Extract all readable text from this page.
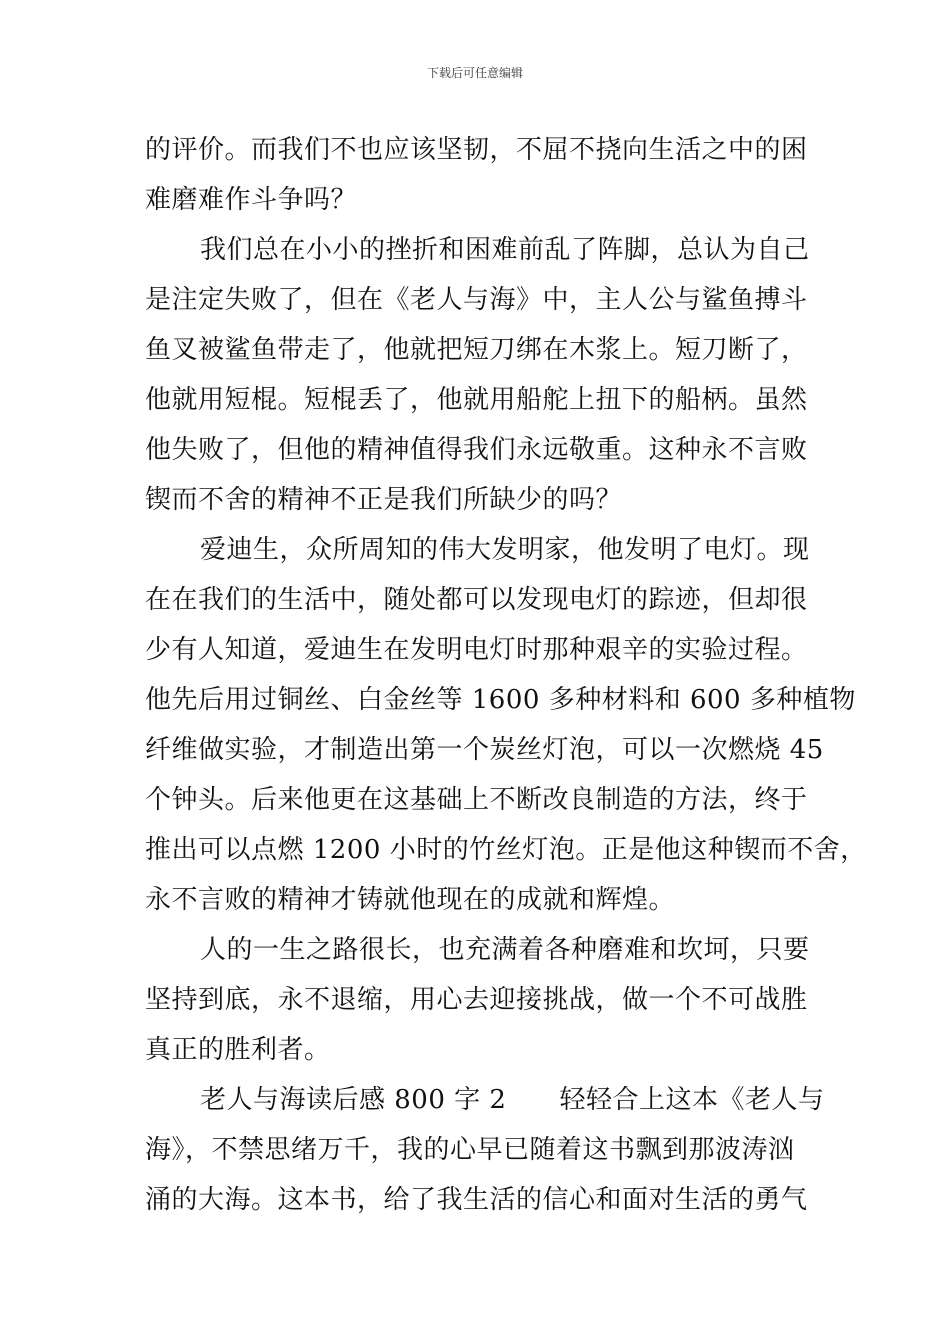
下载后可任意编辑
的评价。而我们不也应该坚韧，不屈不挠向生活之中的困
难磨难作斗争吗？
我们总在小小的挫折和困难前乱了阵脚，总认为自己
是注定失败了，但在《老人与海》中，主人公与鲨鱼搏斗
鱼叉被鲨鱼带走了，他就把短刀绑在木浆上。短刀断了，
他就用短棍。短棍丢了，他就用船舵上扭下的船柄。虽然
他失败了，但他的精神值得我们永远敬重。这种永不言败
锲而不舍的精神不正是我们所缺少的吗？
爱迪生，众所周知的伟大发明家，他发明了电灯。现
在在我们的生活中，随处都可以发现电灯的踪迹，但却很
少有人知道，爱迪生在发明电灯时那种艰辛的实验过程。
他先后用过铜丝、白金丝等 1600 多种材料和 600 多种植物
纤维做实验，才制造出第一个炭丝灯泡，可以一次燃烧 45
个钟头。后来他更在这基础上不断改良制造的方法，终于
推出可以点燃 1200 小时的竹丝灯泡。正是他这种锲而不舍，
永不言败的精神才铸就他现在的成就和辉煌。
人的一生之路很长，也充满着各种磨难和坎坷，只要
坚持到底，永不退缩，用心去迎接挑战，做一个不可战胜
真正的胜利者。
老人与海读后感 800 字 2　　轻轻合上这本《老人与
海》，不禁思绪万千，我的心早已随着这书飘到那波涛汹
涌的大海。这本书，给了我生活的信心和面对生活的勇气
